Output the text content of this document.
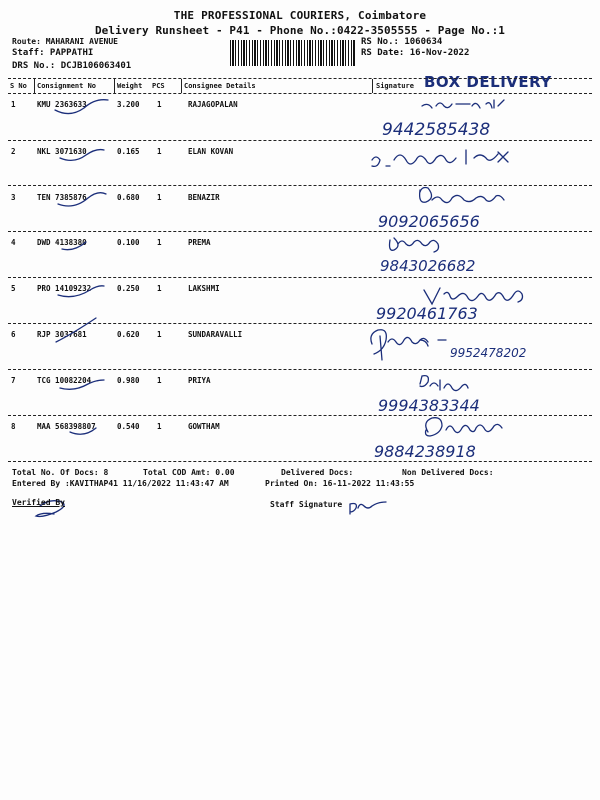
THE PROFESSIONAL COURIERS, Coimbatore
Delivery Runsheet - P41 - Phone No.:0422-3505555 - Page No.:1
Route: MAHARANI AVENUE
Staff: PAPPATHI
DRS No.: DCJB106063401
RS No.: 1060634
RS Date: 16-Nov-2022
BOX DELIVERY
S No Consignment No	Weight PCS	Consignee Details	Signature
1	KMU 2363633	3.200 1	RAJAGOPALAN
9442585438
2	NKL 3071630	0.165 1	ELAN KOVAN
3	TEN 7385876	0.680 1	BENAZIR
9092065656
4	DWD 4138380	0.100 1	PREMA
9843026682
5	PRO 14109232	0.250 1	LAKSHMI
9920461763
6	RJP 3037681	0.620 1	SUNDARAVALLI
9952478202
7	TCG 10082204	0.980 1	PRIYA
9994383344
8	MAA 568398807	0.540 1	GOWTHAM
9884238918
Total No. Of Docs: 8	Total COD Amt: 0.00	Delivered Docs:	Non Delivered Docs:
Entered By :KAVITHAP41 11/16/2022 11:43:47 AM	Printed On: 16-11-2022 11:43:55
Verified By	Staff Signature
